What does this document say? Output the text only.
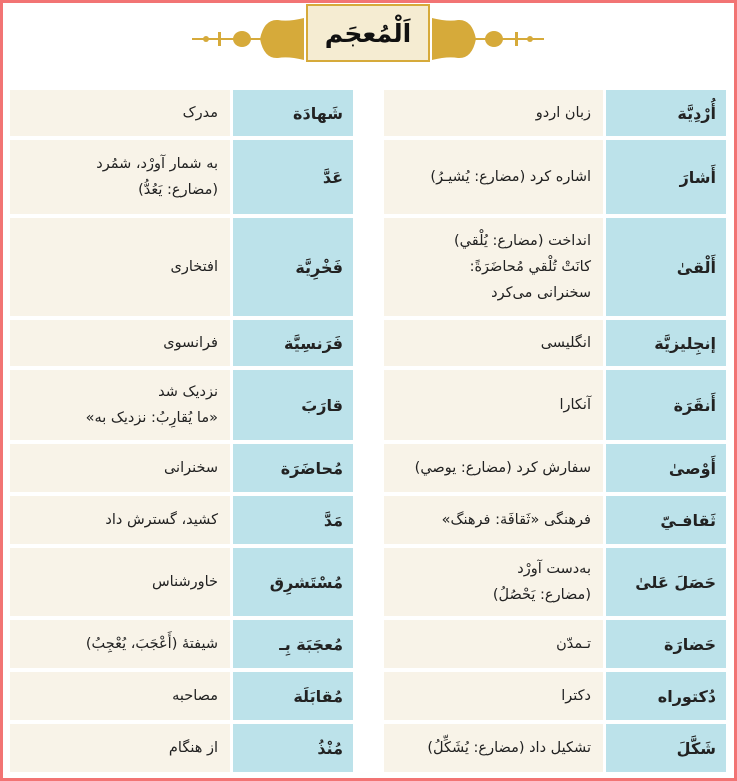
اَلْمُعجَم
أُرْدِيَّة
زبان اردو
أَشارَ
اشاره کرد (مضارع: يُشيـرُ)
أَلْقىٰ
انداخت (مضارع: يُلْقي)
كانَتْ تُلْقي مُحاضَرَةً:
سخنرانی می‌کرد
إنجِليزيَّة
انگلیسی
أَنقَرَة
آنکارا
أَوْصىٰ
سفارش کرد (مضارع: يوصي)
ثَقافـيّ
فرهنگی «ثَقافَة: فرهنگ»
حَصَلَ عَلىٰ
به‌دست آورْد
(مضارع: يَحْصُلُ)
حَضارَة
تـمدّن
دُكتوراه
دکترا
شَكَّلَ
تشکیل داد (مضارع: يُشَكِّلُ)
شَهادَة
مدرک
عَدَّ
به شمار آورْد، شمُرد
(مضارع: يَعُدُّ)
فَخْرِيَّة
افتخاری
فَرَنسِيَّة
فرانسوی
قارَبَ
نزدیک شد
«ما يُقارِبُ: نزدیک به»
مُحاضَرَة
سخنرانی
مَدَّ
کشید، گسترش داد
مُسْتَشرِق
خاورشناس
مُعجَبَة بِـ
شیفتهٔ (أَعْجَبَ، يُعْجِبُ)
مُقابَلَة
مصاحبه
مُنْذُ
از هنگام
